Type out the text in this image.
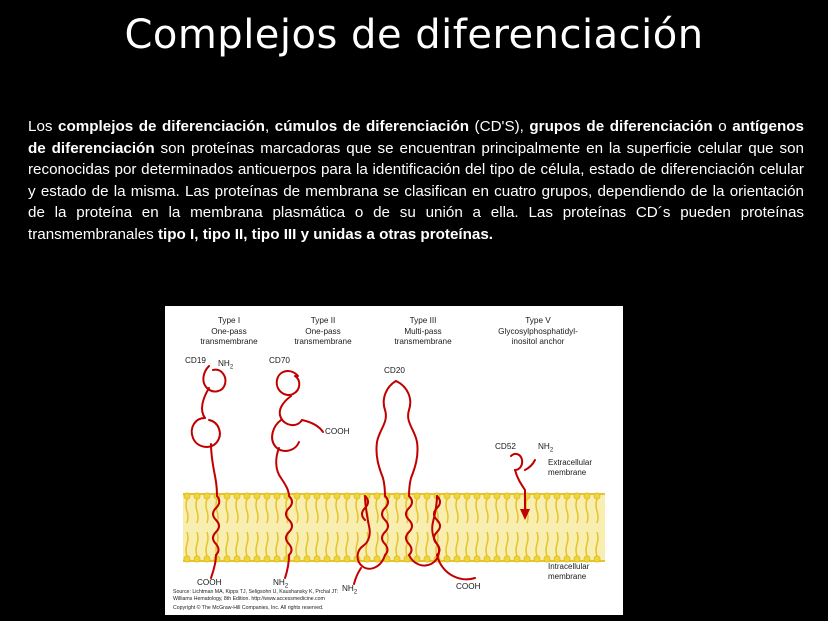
Complejos de diferenciación
Los complejos de diferenciación, cúmulos de diferenciación (CD'S), grupos de diferenciación o antígenos de diferenciación son proteínas marcadoras que se encuentran principalmente en la superficie celular que son reconocidas por determinados anticuerpos para la identificación del tipo de célula, estado de diferenciación celular y estado de la misma. Las proteínas de membrana se clasifican en cuatro grupos, dependiendo de la orientación de la proteína en la membrana plasmática o de su unión a ella. Las proteínas CD´s pueden proteínas transmembranales tipo I, tipo II, tipo III y unidas a otras proteínas.
Type I
One-pass
transmembrane
Type II
One-pass
transmembrane
Type III
Multi-pass
transmembrane
Type V
Glycosylphosphatidyl-
inositol anchor
CD19 $NH_2$
COOH
CD70
COOH
$NH_2$
CD20
$NH_2$
COOH
CD52	$NH_2$
Extracellular
membrane
Intracellular
membrane
Source: Lichtman MA, Kipps TJ, Seligsohn U, Kaushansky K, Prchal JT:
Williams Hematology, 8th Edition. http://www.accessmedicine.com
Copyright © The McGraw-Hill Companies, Inc. All rights reserved.
